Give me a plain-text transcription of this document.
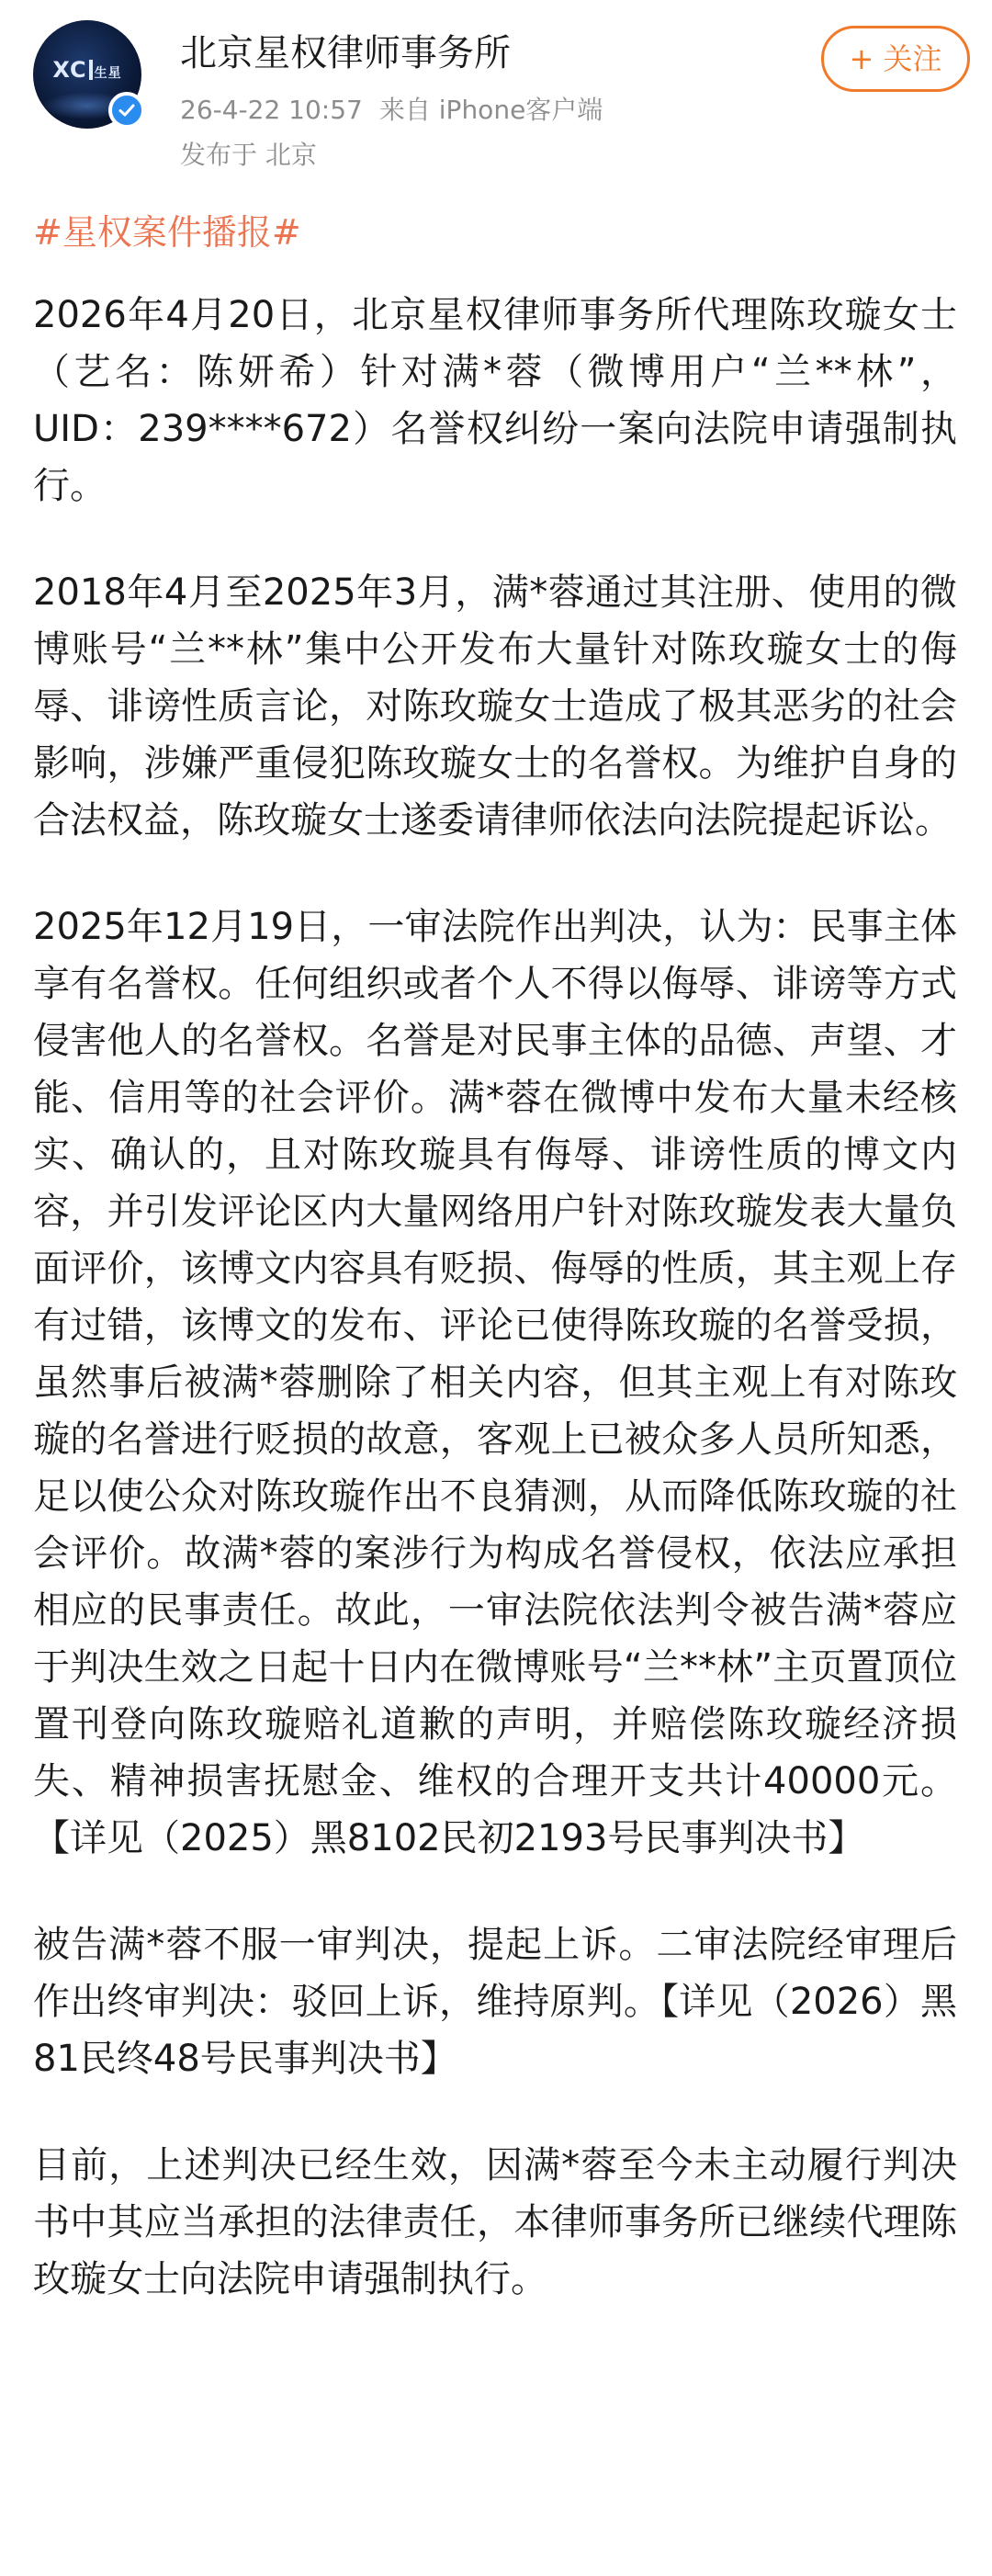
XC 生星	北京星权律师事务所
26-4-22 10:57 来自 iPhone客户端
发布于 北京
+ 关注
#星权案件播报#

2026年4月20日，北京星权律师事务所代理陈玫璇女士（艺名：陈妍希）针对满*蓉（微博用户“兰**林”，UID：239****672）名誉权纠纷一案向法院申请强制执行。

2018年4月至2025年3月，满*蓉通过其注册、使用的微博账号“兰**林”集中公开发布大量针对陈玫璇女士的侮辱、诽谤性质言论，对陈玫璇女士造成了极其恶劣的社会影响，涉嫌严重侵犯陈玫璇女士的名誉权。为维护自身的合法权益，陈玫璇女士遂委请律师依法向法院提起诉讼。

2025年12月19日，一审法院作出判决，认为：民事主体享有名誉权。任何组织或者个人不得以侮辱、诽谤等方式侵害他人的名誉权。名誉是对民事主体的品德、声望、才能、信用等的社会评价。满*蓉在微博中发布大量未经核实、确认的，且对陈玫璇具有侮辱、诽谤性质的博文内容，并引发评论区内大量网络用户针对陈玫璇发表大量负面评价，该博文内容具有贬损、侮辱的性质，其主观上存有过错，该博文的发布、评论已使得陈玫璇的名誉受损，虽然事后被满*蓉删除了相关内容，但其主观上有对陈玫璇的名誉进行贬损的故意，客观上已被众多人员所知悉，足以使公众对陈玫璇作出不良猜测，从而降低陈玫璇的社会评价。故满*蓉的案涉行为构成名誉侵权，依法应承担相应的民事责任。故此，一审法院依法判令被告满*蓉应于判决生效之日起十日内在微博账号“兰**林”主页置顶位置刊登向陈玫璇赔礼道歉的声明，并赔偿陈玫璇经济损失、精神损害抚慰金、维权的合理开支共计40000元。【详见（2025）黑8102民初2193号民事判决书】

被告满*蓉不服一审判决，提起上诉。二审法院经审理后作出终审判决：驳回上诉，维持原判。【详见（2026）黑81民终48号民事判决书】

目前，上述判决已经生效，因满*蓉至今未主动履行判决书中其应当承担的法律责任，本律师事务所已继续代理陈玫璇女士向法院申请强制执行。
